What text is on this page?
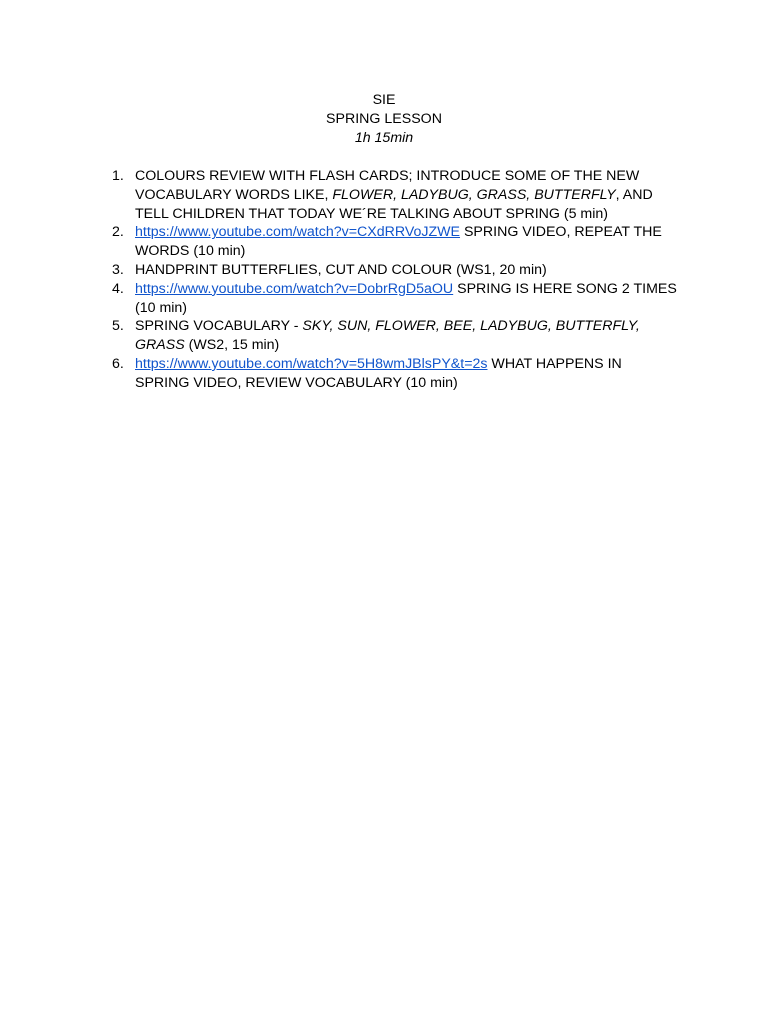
SIE
SPRING LESSON
1h 15min
1. COLOURS REVIEW WITH FLASH CARDS; INTRODUCE SOME OF THE NEW VOCABULARY WORDS LIKE, FLOWER, LADYBUG, GRASS, BUTTERFLY, AND TELL CHILDREN THAT TODAY WE´RE TALKING ABOUT SPRING (5 min)
2. https://www.youtube.com/watch?v=CXdRRVoJZWE SPRING VIDEO, REPEAT THE WORDS (10 min)
3. HANDPRINT BUTTERFLIES, CUT AND COLOUR (WS1, 20 min)
4. https://www.youtube.com/watch?v=DobrRgD5aOU SPRING IS HERE SONG 2 TIMES (10 min)
5. SPRING VOCABULARY - SKY, SUN, FLOWER, BEE, LADYBUG, BUTTERFLY, GRASS (WS2, 15 min)
6. https://www.youtube.com/watch?v=5H8wmJBlsPY&t=2s WHAT HAPPENS IN SPRING VIDEO, REVIEW VOCABULARY (10 min)
